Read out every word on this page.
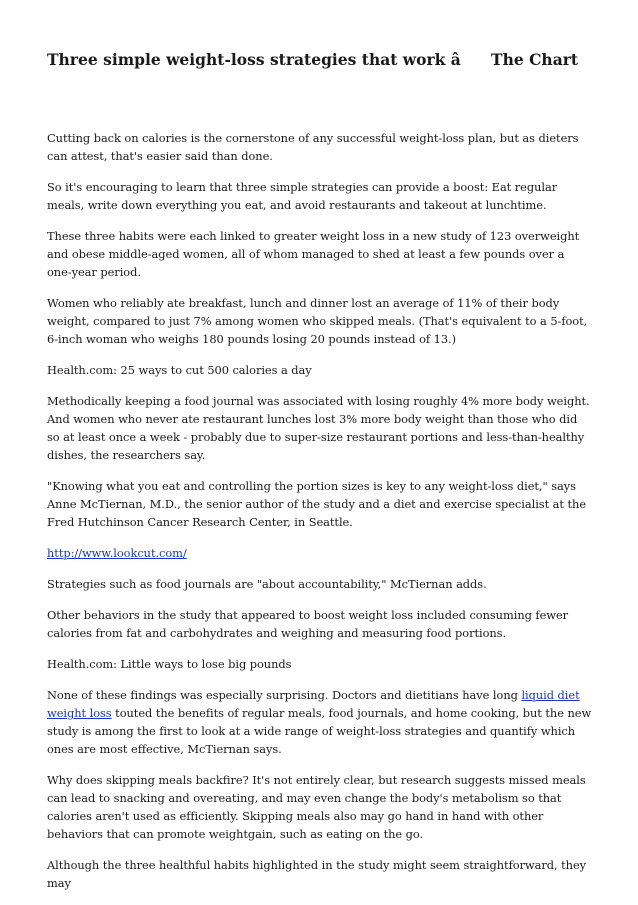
Three simple weight-loss strategies that work â The Chart

Cutting back on calories is the cornerstone of any successful weight-loss plan, but as dieters can attest, that's easier said than done.

So it's encouraging to learn that three simple strategies can provide a boost: Eat regular meals, write down everything you eat, and avoid restaurants and takeout at lunchtime.

These three habits were each linked to greater weight loss in a new study of 123 overweight and obese middle-aged women, all of whom managed to shed at least a few pounds over a one-year period.

Women who reliably ate breakfast, lunch and dinner lost an average of 11% of their body weight, compared to just 7% among women who skipped meals. (That's equivalent to a 5-foot, 6-inch woman who weighs 180 pounds losing 20 pounds instead of 13.)

Health.com: 25 ways to cut 500 calories a day

Methodically keeping a food journal was associated with losing roughly 4% more body weight. And women who never ate restaurant lunches lost 3% more body weight than those who did so at least once a week - probably due to super-size restaurant portions and less-than-healthy dishes, the researchers say.

"Knowing what you eat and controlling the portion sizes is key to any weight-loss diet," says Anne McTiernan, M.D., the senior author of the study and a diet and exercise specialist at the Fred Hutchinson Cancer Research Center, in Seattle.

http://www.lookcut.com/

Strategies such as food journals are "about accountability," McTiernan adds.

Other behaviors in the study that appeared to boost weight loss included consuming fewer calories from fat and carbohydrates and weighing and measuring food portions.

Health.com: Little ways to lose big pounds

None of these findings was especially surprising. Doctors and dietitians have long liquid diet weight loss touted the benefits of regular meals, food journals, and home cooking, but the new study is among the first to look at a wide range of weight-loss strategies and quantify which ones are most effective, McTiernan says.

Why does skipping meals backfire? It's not entirely clear, but research suggests missed meals can lead to snacking and overeating, and may even change the body's metabolism so that calories aren't used as efficiently. Skipping meals also may go hand in hand with other behaviors that can promote weightgain, such as eating on the go.

Although the three healthful habits highlighted in the study might seem straightforward, they may
